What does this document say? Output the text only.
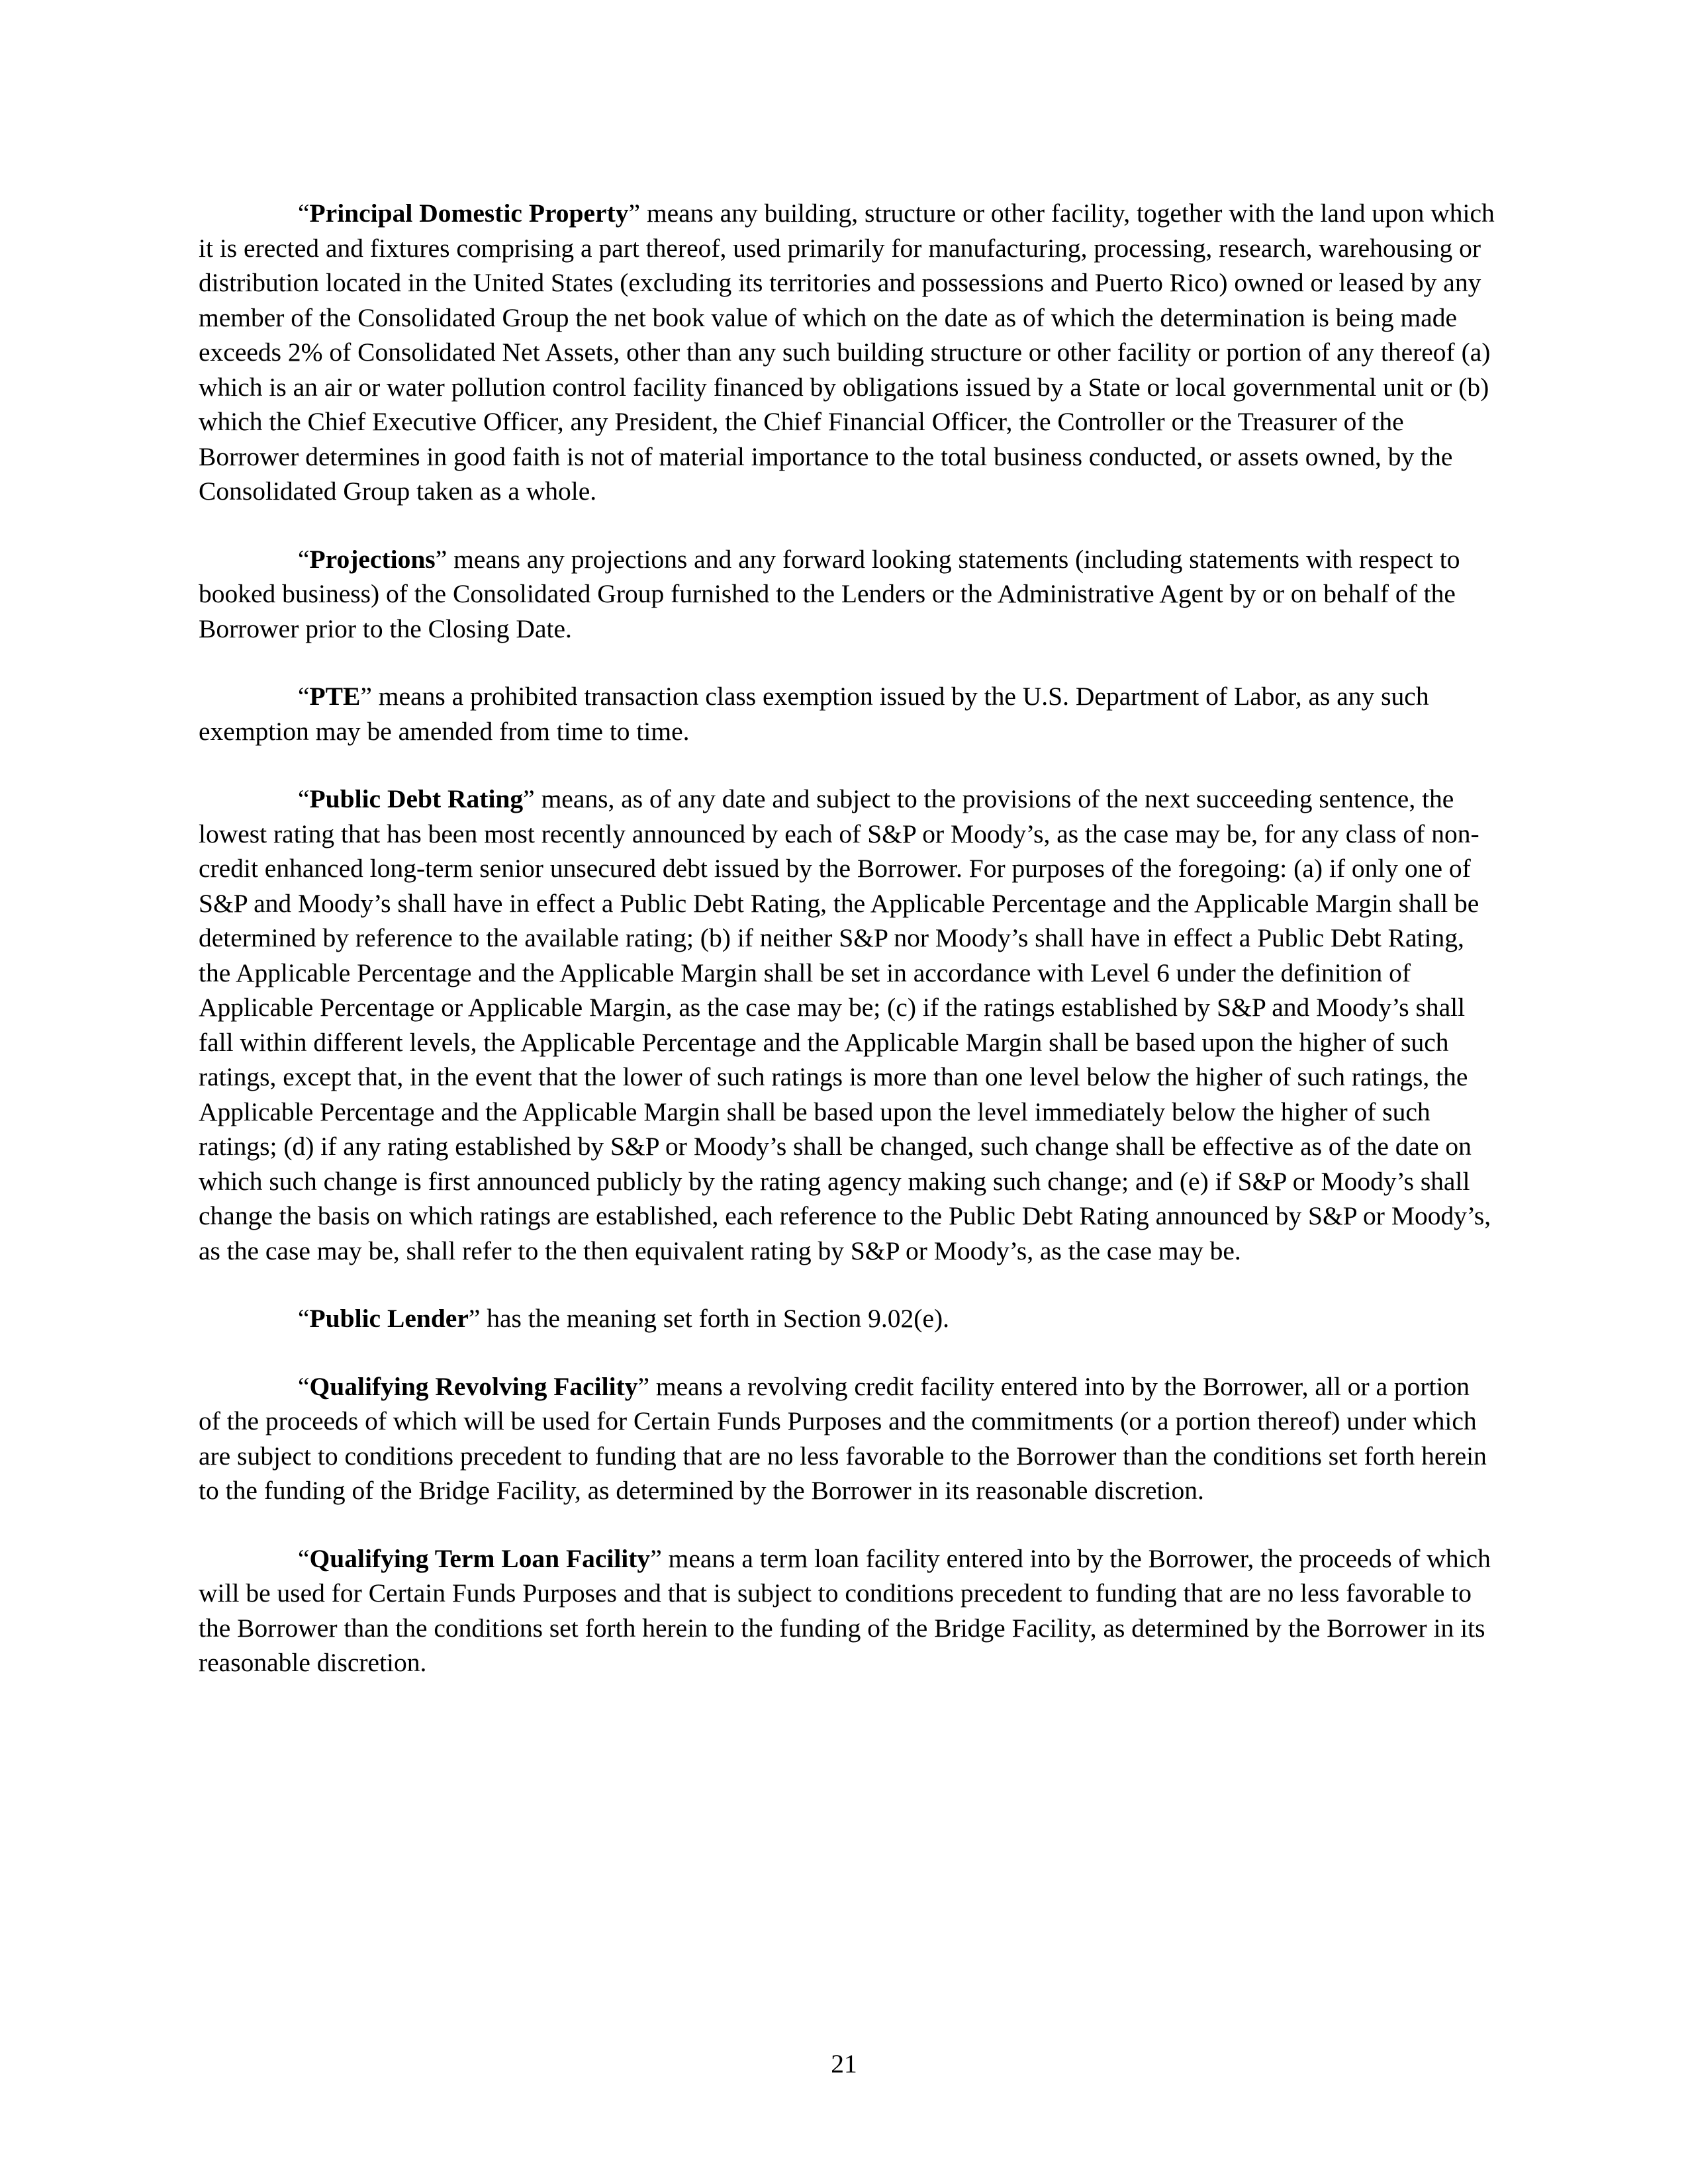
“Principal Domestic Property” means any building, structure or other facility, together with the land upon which it is erected and fixtures comprising a part thereof, used primarily for manufacturing, processing, research, warehousing or distribution located in the United States (excluding its territories and possessions and Puerto Rico) owned or leased by any member of the Consolidated Group the net book value of which on the date as of which the determination is being made exceeds 2% of Consolidated Net Assets, other than any such building structure or other facility or portion of any thereof (a) which is an air or water pollution control facility financed by obligations issued by a State or local governmental unit or (b) which the Chief Executive Officer, any President, the Chief Financial Officer, the Controller or the Treasurer of the Borrower determines in good faith is not of material importance to the total business conducted, or assets owned, by the Consolidated Group taken as a whole.

“Projections” means any projections and any forward looking statements (including statements with respect to booked business) of the Consolidated Group furnished to the Lenders or the Administrative Agent by or on behalf of the Borrower prior to the Closing Date.

“PTE” means a prohibited transaction class exemption issued by the U.S. Department of Labor, as any such exemption may be amended from time to time.

“Public Debt Rating” means, as of any date and subject to the provisions of the next succeeding sentence, the lowest rating that has been most recently announced by each of S&P or Moody’s, as the case may be, for any class of non-credit enhanced long-term senior unsecured debt issued by the Borrower. For purposes of the foregoing: (a) if only one of S&P and Moody’s shall have in effect a Public Debt Rating, the Applicable Percentage and the Applicable Margin shall be determined by reference to the available rating; (b) if neither S&P nor Moody’s shall have in effect a Public Debt Rating, the Applicable Percentage and the Applicable Margin shall be set in accordance with Level 6 under the definition of Applicable Percentage or Applicable Margin, as the case may be; (c) if the ratings established by S&P and Moody’s shall fall within different levels, the Applicable Percentage and the Applicable Margin shall be based upon the higher of such ratings, except that, in the event that the lower of such ratings is more than one level below the higher of such ratings, the Applicable Percentage and the Applicable Margin shall be based upon the level immediately below the higher of such ratings; (d) if any rating established by S&P or Moody’s shall be changed, such change shall be effective as of the date on which such change is first announced publicly by the rating agency making such change; and (e) if S&P or Moody’s shall change the basis on which ratings are established, each reference to the Public Debt Rating announced by S&P or Moody’s, as the case may be, shall refer to the then equivalent rating by S&P or Moody’s, as the case may be.

“Public Lender” has the meaning set forth in Section 9.02(e).

“Qualifying Revolving Facility” means a revolving credit facility entered into by the Borrower, all or a portion of the proceeds of which will be used for Certain Funds Purposes and the commitments (or a portion thereof) under which are subject to conditions precedent to funding that are no less favorable to the Borrower than the conditions set forth herein to the funding of the Bridge Facility, as determined by the Borrower in its reasonable discretion.

“Qualifying Term Loan Facility” means a term loan facility entered into by the Borrower, the proceeds of which will be used for Certain Funds Purposes and that is subject to conditions precedent to funding that are no less favorable to the Borrower than the conditions set forth herein to the funding of the Bridge Facility, as determined by the Borrower in its reasonable discretion.

21
